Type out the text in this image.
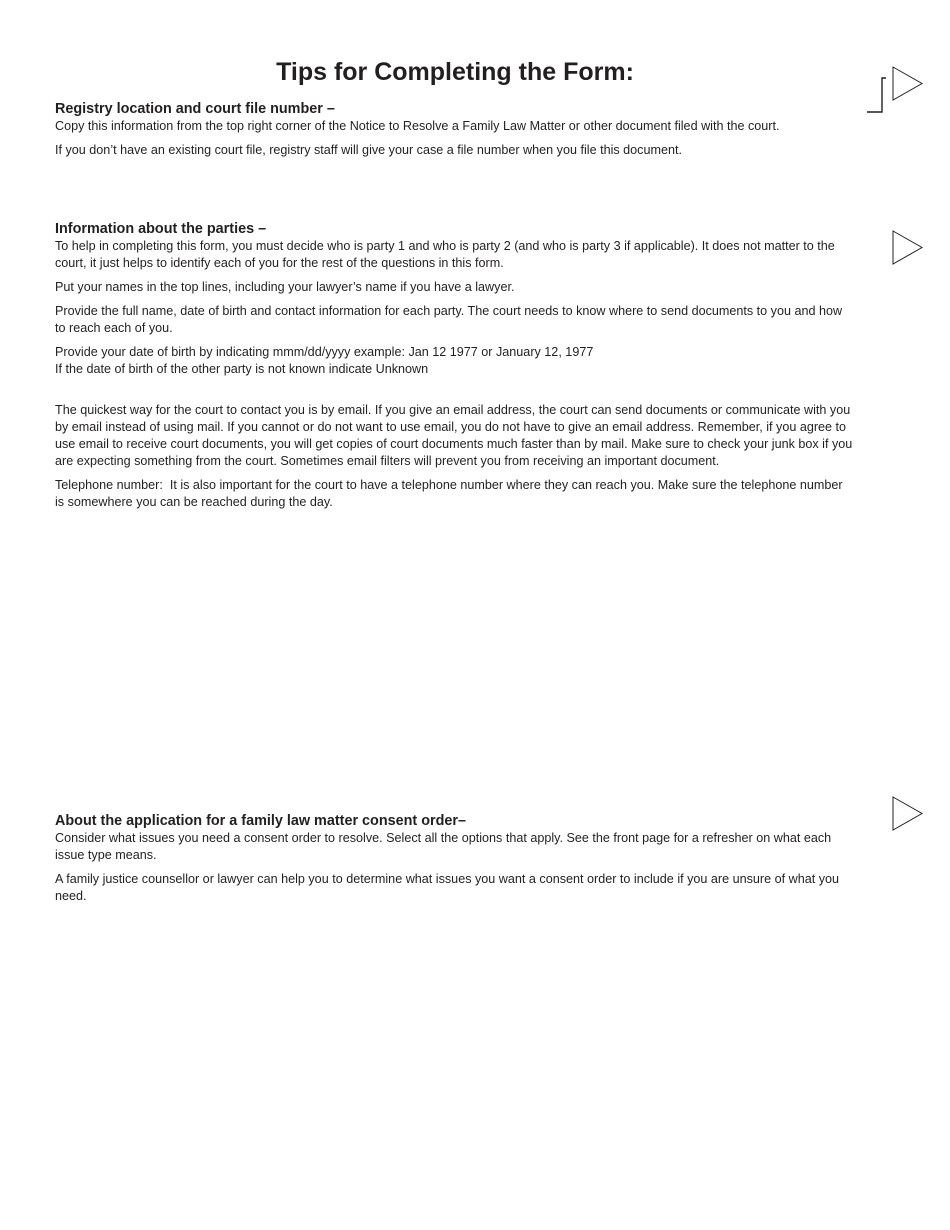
Tips for Completing the Form:
Registry location and court file number –

Copy this information from the top right corner of the Notice to Resolve a Family Law Matter or other document filed with the court.

If you don’t have an existing court file, registry staff will give your case a file number when you file this document.

Information about the parties –

To help in completing this form, you must decide who is party 1 and who is party 2 (and who is party 3 if applicable). It does not matter to the court, it just helps to identify each of you for the rest of the questions in this form.

Put your names in the top lines, including your lawyer’s name if you have a lawyer.

Provide the full name, date of birth and contact information for each party. The court needs to know where to send documents to you and how to reach each of you.

Provide your date of birth by indicating mmm/dd/yyyy example: Jan 12 1977 or January 12, 1977
If the date of birth of the other party is not known indicate Unknown

The quickest way for the court to contact you is by email. If you give an email address, the court can send documents or communicate with you by email instead of using mail. If you cannot or do not want to use email, you do not have to give an email address. Remember, if you agree to use email to receive court documents, you will get copies of court documents much faster than by mail. Make sure to check your junk box if you are expecting something from the court. Sometimes email filters will prevent you from receiving an important document.

Telephone number:  It is also important for the court to have a telephone number where they can reach you. Make sure the telephone number is somewhere you can be reached during the day.

About the application for a family law matter consent order–

Consider what issues you need a consent order to resolve. Select all the options that apply. See the front page for a refresher on what each issue type means.

A family justice counsellor or lawyer can help you to determine what issues you want a consent order to include if you are unsure of what you need.
